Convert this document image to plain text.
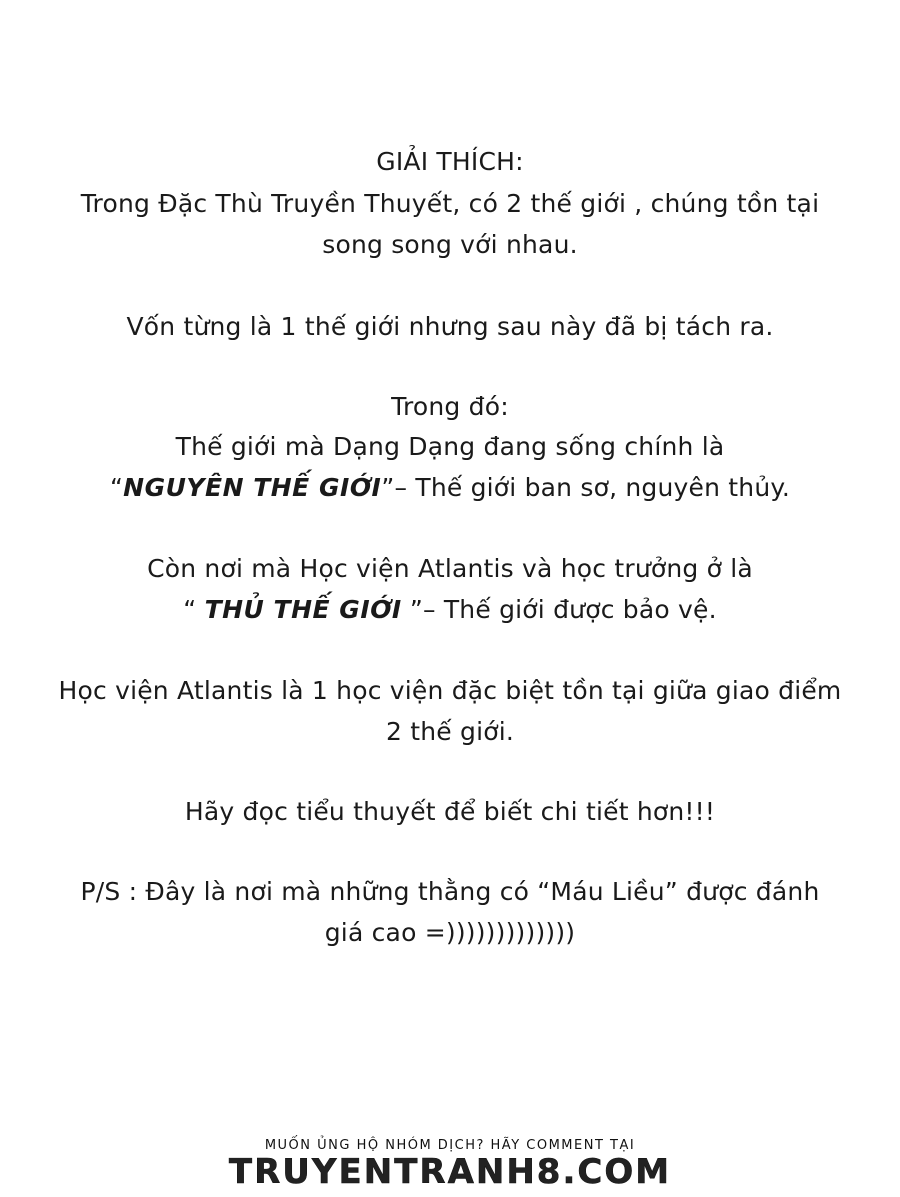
GIẢI THÍCH:
Trong Đặc Thù Truyền Thuyết, có 2 thế giới , chúng tồn tại
song song với nhau.
Vốn từng là 1 thế giới nhưng sau này đã bị tách ra.
Trong đó:
Thế giới mà Dạng Dạng đang sống chính là
“NGUYÊN THẾ GIỚI”– Thế giới ban sơ, nguyên thủy.
Còn nơi mà Học viện Atlantis và học trưởng ở là
“ THỦ THẾ GIỚI ”– Thế giới được bảo vệ.
Học viện Atlantis là 1 học viện đặc biệt tồn tại giữa giao điểm
2 thế giới.
Hãy đọc tiểu thuyết để biết chi tiết hơn!!!
P/S : Đây là nơi mà những thằng có “Máu Liều” được đánh
giá cao =)))))))))))))
MUỐN ỦNG HỘ NHÓM DỊCH? HÃY COMMENT TẠI
TRUYENTRANH8.COM
